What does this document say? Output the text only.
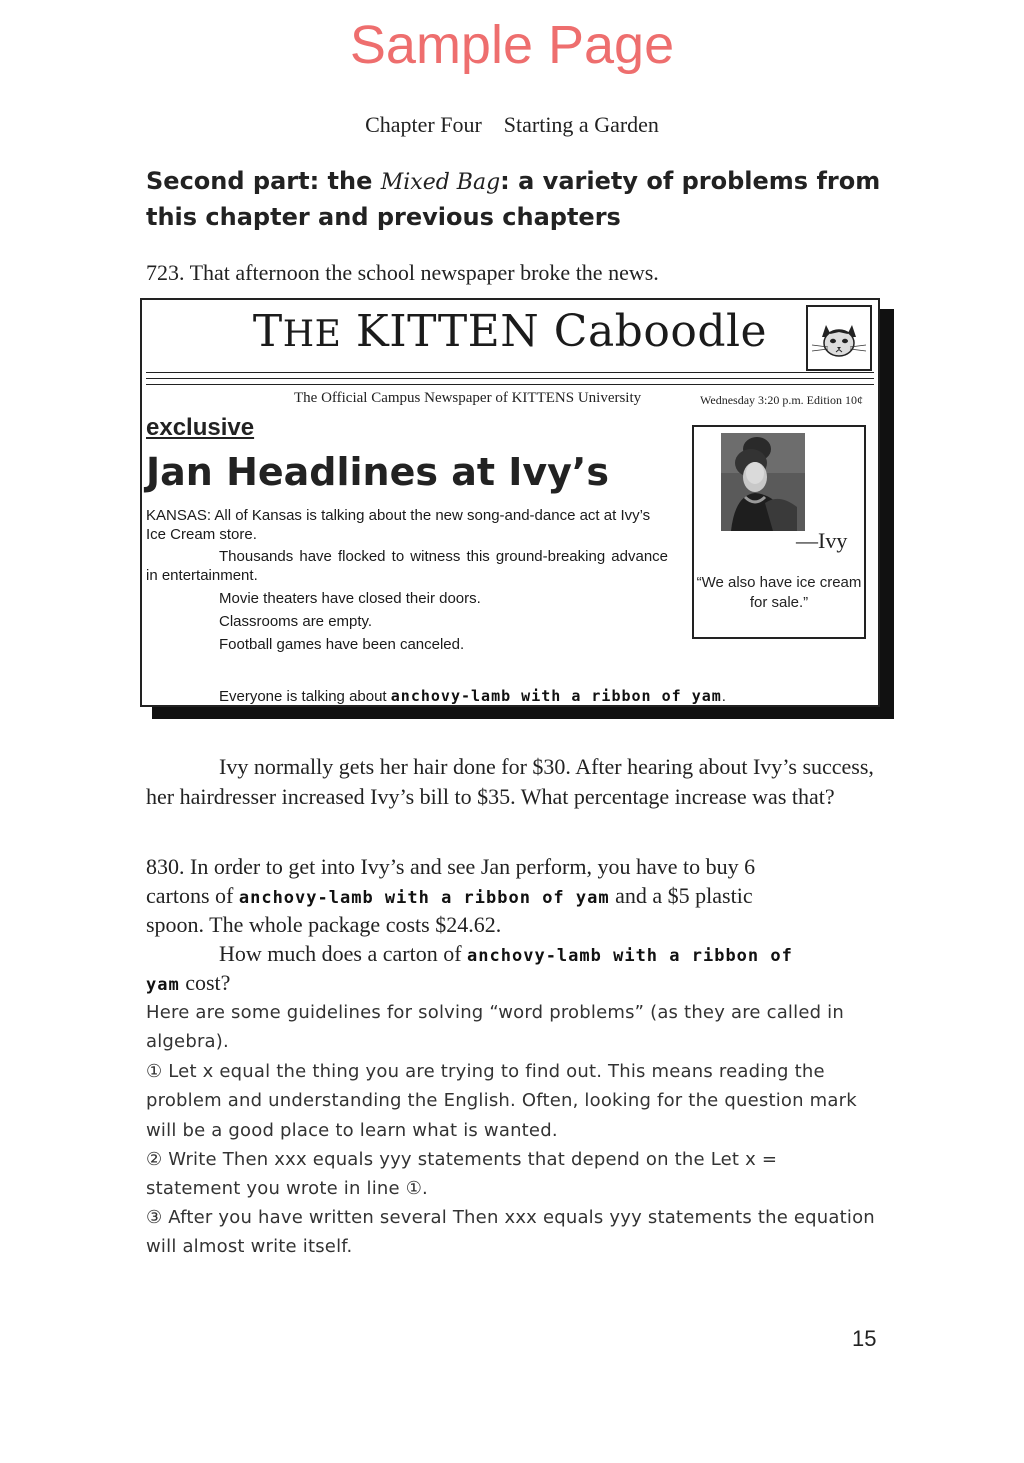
Sample Page
Chapter Four Starting a Garden
Second part: the Mixed Bag: a variety of problems from this chapter and previous chapters
723. That afternoon the school newspaper broke the news.
THE KITTEN Caboodle
The Official Campus Newspaper of KITTENS University	Wednesday 3:20 p.m. Edition 10¢
exclusive
Jan Headlines at Ivy’s
KANSAS: All of Kansas is talking about the new song-and-dance act at Ivy’s Ice Cream store.
Thousands have flocked to witness this ground-breaking advance in entertainment.
Movie theaters have closed their doors.
Classrooms are empty.
Football games have been canceled.
Everyone is talking about anchovy-lamb with a ribbon of yam.
—Ivy
“We also have ice cream for sale.”
Ivy normally gets her hair done for $30. After hearing about Ivy’s success, her hairdresser increased Ivy’s bill to $35. What percentage increase was that?
830. In order to get into Ivy’s and see Jan perform, you have to buy 6
cartons of anchovy-lamb with a ribbon of yam and a $5 plastic
spoon. The whole package costs $24.62.
How much does a carton of anchovy-lamb with a ribbon of
yam cost?
Here are some guidelines for solving “word problems” (as they are called in algebra).
① Let x equal the thing you are trying to find out. This means reading the problem and understanding the English. Often, looking for the question mark will be a good place to learn what is wanted.
② Write Then xxx equals yyy statements that depend on the Let x = statement you wrote in line ①.
③ After you have written several Then xxx equals yyy statements the equation will almost write itself.
15
